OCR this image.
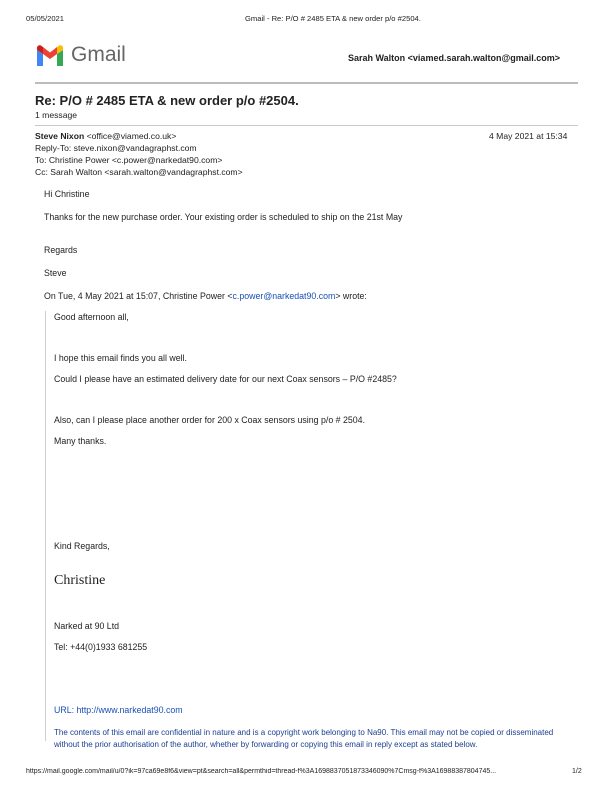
05/05/2021	Gmail - Re: P/O # 2485 ETA & new order p/o #2504.
Gmail	Sarah Walton <viamed.sarah.walton@gmail.com>
Re: P/O # 2485 ETA & new order p/o #2504.
1 message
Steve Nixon <office@viamed.co.uk>	4 May 2021 at 15:34
Reply-To: steve.nixon@vandagraphst.com
To: Christine Power <c.power@narkedat90.com>
Cc: Sarah Walton <sarah.walton@vandagraphst.com>
Hi Christine
Thanks for the new purchase order. Your existing order is scheduled to ship on the 21st May
Regards
Steve
On Tue, 4 May 2021 at 15:07, Christine Power <c.power@narkedat90.com> wrote:
Good afternoon all,
I hope this email finds you all well.
Could I please have an estimated delivery date for our next Coax sensors – P/O #2485?
Also, can I please place another order for 200 x Coax sensors using p/o # 2504.
Many thanks.
Kind Regards,
Christine
Narked at 90 Ltd
Tel: +44(0)1933 681255
URL: http://www.narkedat90.com
The contents of this email are confidential in nature and is a copyright work belonging to Na90. This email may not be copied or disseminated without the prior authorisation of the author, whether by forwarding or copying this email in reply except as stated below.
https://mail.google.com/mail/u/0?ik=97ca69e8f6&view=pt&search=all&permthid=thread-f%3A1698837051873346090%7Cmsg-f%3A16988387804745...	1/2
